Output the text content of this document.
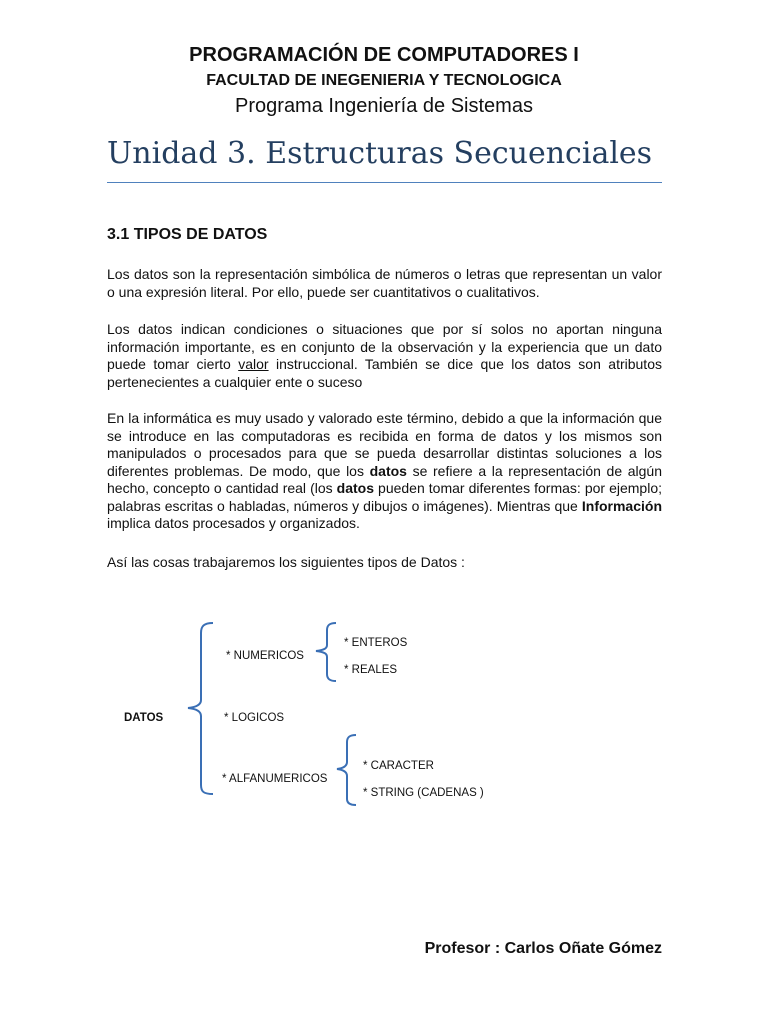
PROGRAMACIÓN DE COMPUTADORES I
FACULTAD DE INEGENIERIA Y TECNOLOGICA
Programa Ingeniería de Sistemas
Unidad 3. Estructuras Secuenciales
3.1 TIPOS DE DATOS

Los datos son la representación simbólica de números o letras que representan un valor o una expresión literal. Por ello, puede ser cuantitativos o cualitativos.

Los datos indican condiciones o situaciones que por sí solos no aportan ninguna información importante, es en conjunto de la observación y la experiencia que un dato puede tomar cierto valor instruccional. También se dice que los datos son atributos pertenecientes a cualquier ente o suceso

En la informática es muy usado y valorado este término, debido a que la información que se introduce en las computadoras es recibida en forma de datos y los mismos son manipulados o procesados para que se pueda desarrollar distintas soluciones a los diferentes problemas. De modo, que los datos se refiere a la representación de algún hecho, concepto o cantidad real (los datos pueden tomar diferentes formas: por ejemplo; palabras escritas o habladas, números y dibujos o imágenes). Mientras que Información implica datos procesados y organizados.

Así las cosas trabajaremos los siguientes tipos de Datos :

DATOS
* NUMERICOS
* ENTEROS
* REALES
* LOGICOS
* ALFANUMERICOS
* CARACTER
* STRING (CADENAS )
Profesor : Carlos Oñate Gómez
